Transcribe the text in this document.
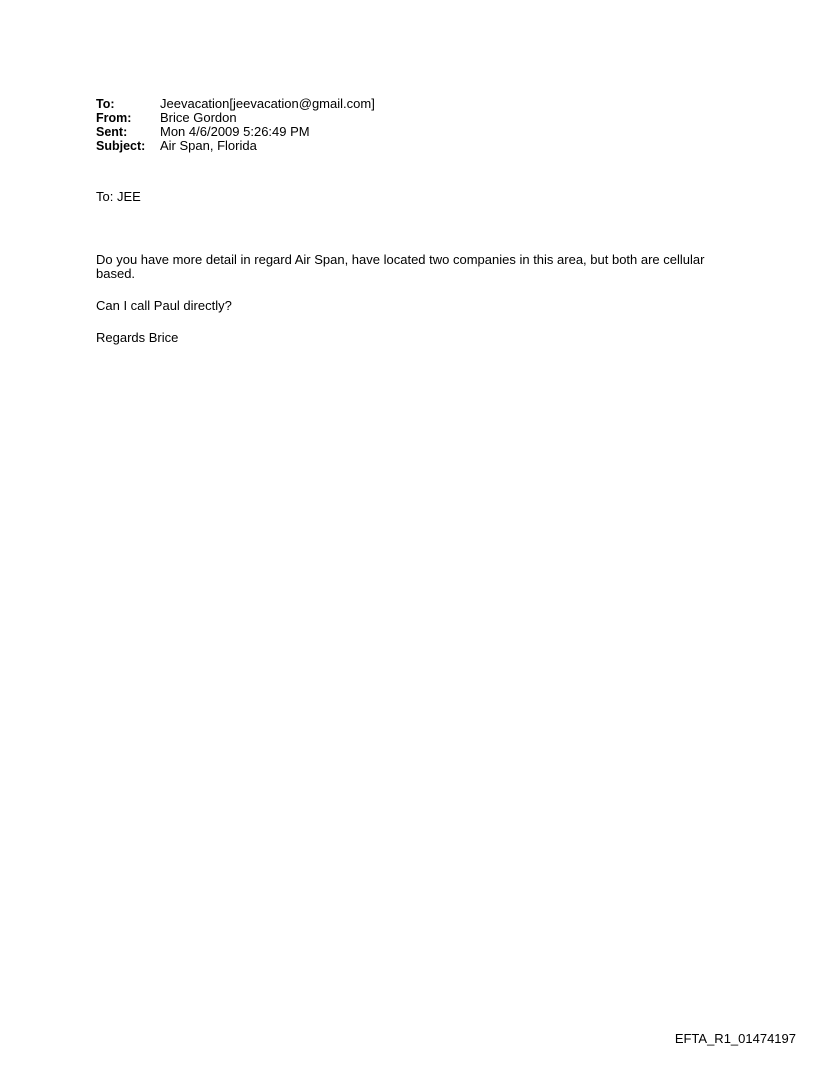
To:	Jeevacation[jeevacation@gmail.com]
From:	Brice Gordon
Sent:	Mon 4/6/2009 5:26:49 PM
Subject:	Air Span, Florida
To: JEE
Do you have more detail in regard Air Span, have located two companies in this area, but both are cellular based.
Can I call Paul directly?
Regards Brice
EFTA_R1_01474197
